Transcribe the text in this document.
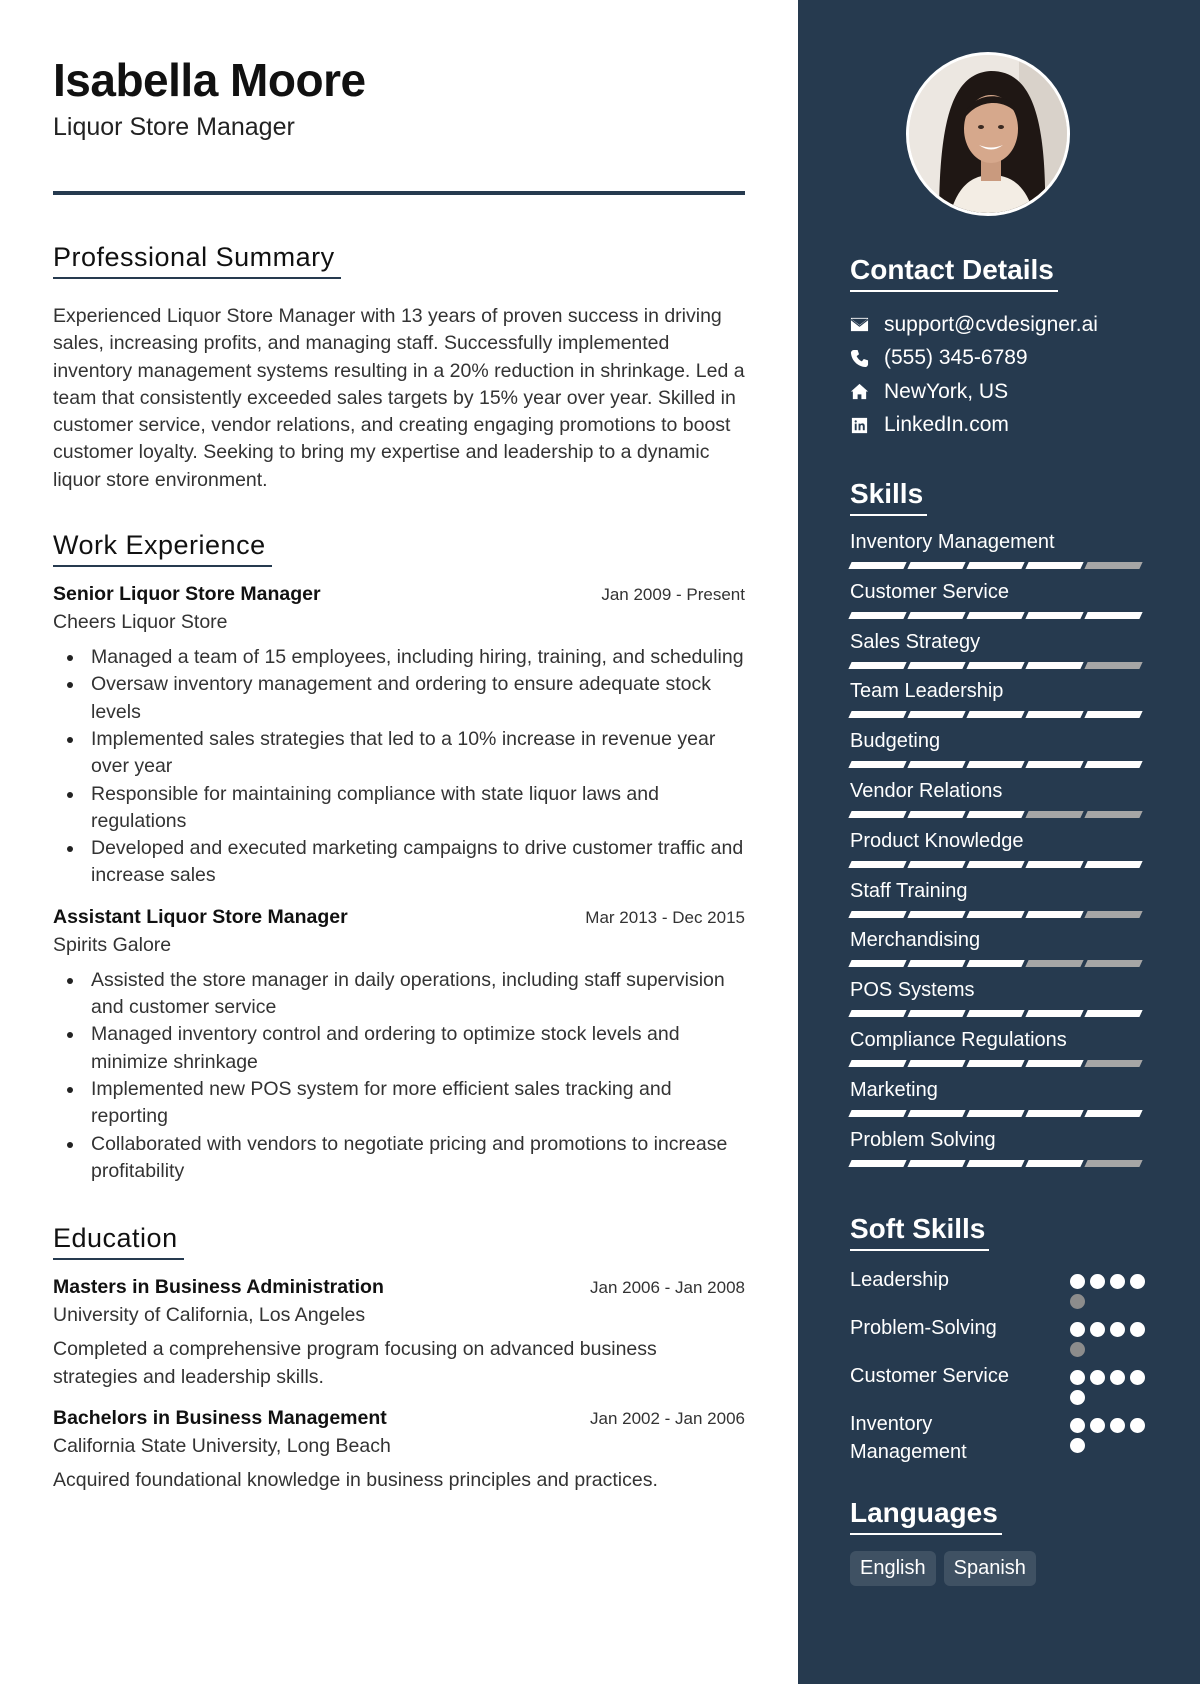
Isabella Moore
Liquor Store Manager
Professional Summary

Experienced Liquor Store Manager with 13 years of proven success in driving sales, increasing profits, and managing staff. Successfully implemented inventory management systems resulting in a 20% reduction in shrinkage. Led a team that consistently exceeded sales targets by 15% year over year. Skilled in customer service, vendor relations, and creating engaging promotions to boost customer loyalty. Seeking to bring my expertise and leadership to a dynamic liquor store environment.

Work Experience
Senior Liquor Store Manager	Jan 2009 - Present
Cheers Liquor Store
Managed a team of 15 employees, including hiring, training, and scheduling
Oversaw inventory management and ordering to ensure adequate stock levels
Implemented sales strategies that led to a 10% increase in revenue year over year
Responsible for maintaining compliance with state liquor laws and regulations
Developed and executed marketing campaigns to drive customer traffic and increase sales
Assistant Liquor Store Manager	Mar 2013 - Dec 2015
Spirits Galore
Assisted the store manager in daily operations, including staff supervision and customer service
Managed inventory control and ordering to optimize stock levels and minimize shrinkage
Implemented new POS system for more efficient sales tracking and reporting
Collaborated with vendors to negotiate pricing and promotions to increase profitability
Education
Masters in Business Administration	Jan 2006 - Jan 2008
University of California, Los Angeles
Completed a comprehensive program focusing on advanced business strategies and leadership skills.
Bachelors in Business Management	Jan 2002 - Jan 2006
California State University, Long Beach
Acquired foundational knowledge in business principles and practices.
Contact Details
support@cvdesigner.ai
(555) 345-6789
NewYork, US
LinkedIn.com
Skills
Inventory Management
Customer Service
Sales Strategy
Team Leadership
Budgeting
Vendor Relations
Product Knowledge
Staff Training
Merchandising
POS Systems
Compliance Regulations
Marketing
Problem Solving
Soft Skills
Leadership
Problem-Solving
Customer Service
Inventory Management
Languages
English	Spanish
